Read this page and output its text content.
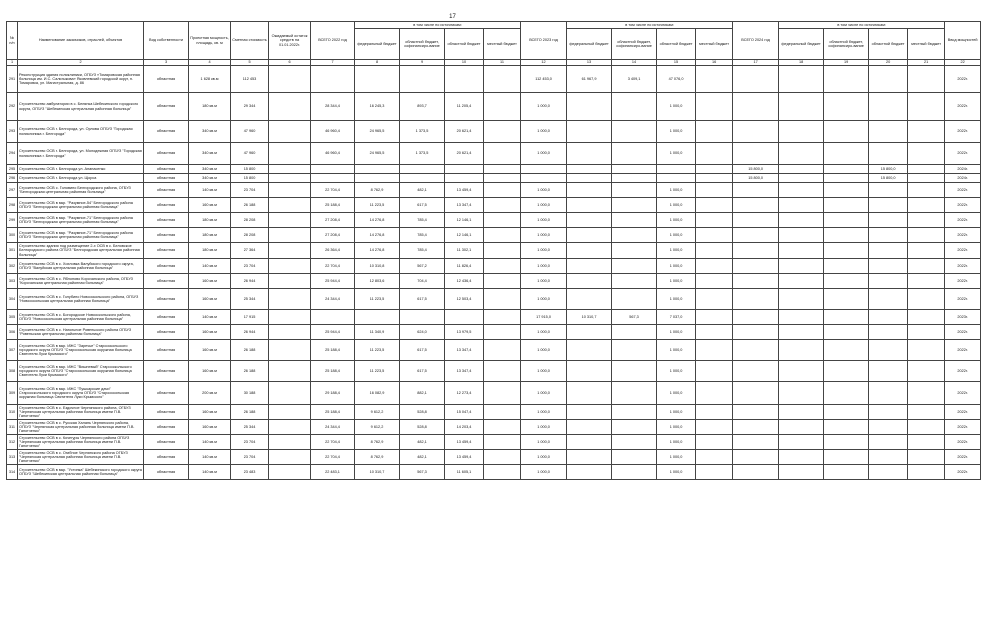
17
№ п/п	Наименование заказчиков, отраслей, объектов	Вид собственности	Проектная мощность, площадь, кв. м	Сметная стоимость	Ожидаемый остаток средств на 01.01.2022г.	ВСЕГО 2022 год	в том числе по источникам:				ВСЕГО 2023 год	в том числе по источникам:				ВСЕГО 2024 год	в том числе по источникам:				Ввод мощностей
							федеральный бюджет	областной бюджет, софинансиро-вание	областной бюджет	местный бюджет		федеральный бюджет	областной бюджет, софинансиро-вание	областной бюджет	местный бюджет		федеральный бюджет	областной бюджет, софинансиро-вание	областной бюджет	местный бюджет	
1	2	3	4	5	6	7	8	9	10	11	12	13	14	15	16	17	18	19	20	21	22
291	Реконструкция здания поликлиники, ОГБУЗ «Томаровская районная больница им. И.С. Сальтыкова» Яковлевский городской округ, п. Томаровка, ул. Магистральная, д. 86	областная	1 628 кв.м	112 453							112 453,0	61 967,9	3 409,1	47 076,0							2022г.
292	Строительство амбулатории в с. Белянка Шебекинского городского округа, ОГБУЗ "Шебекинская центральная районная больница"	областная	180 кв.м	29 344		28 344,4	16 245,3	893,7	11 205,4		1 000,0			1 000,0							2022г.
293	Строительство ОСВ г. Белгорода, ул. Орлова ОГБУЗ "Городская поликлиника г. Белгорода"	областная	340 кв.м	47 960		46 960,4	24 965,5	1 373,5	20 621,4		1 000,0			1 000,0							2022г.
294	Строительство ОСВ г. Белгорода, ул. Молодежная ОГБУЗ "Городская поликлиника г. Белгорода"	областная	340 кв.м	47 960		46 960,4	24 965,5	1 373,5	20 621,4		1 000,0			1 000,0							2022г.
295	Строительство ОСВ г. Белгорода ул. Апанасенко	областная	340 кв.м	15 800												15 800,0			15 800,0		2024г.
296	Строительство ОСВ г. Белгорода ул. Щорса	областная	340 кв.м	15 800												15 800,0			15 800,0		2024г.
297	Строительство ОСВ с. Головино Белгородского района, ОГБУЗ "Белгородская центральная районная больница"	областная	140 кв.м	23 704		22 704,4	8 762,9	482,1	13 459,4		1 000,0			1 000,0							2022г.
298	Строительство ОСВ в мкр. "Разумное-54" Белгородского района ОГБУЗ "Белгородская центральная районная больница"	областная	160 кв.м	26 188		25 188,4	11 223,5	617,5	13 347,4		1 000,0			1 000,0							2022г.
299	Строительство ОСВ в мкр. "Разумное-71" Белгородского района ОГБУЗ "Белгородская центральная районная больница"	областная	180 кв.м	28 208		27 208,4	14 276,8	785,4	12 146,1		1 000,0			1 000,0							2022г.
300	Строительство ОСВ в мкр. "Разумное-71" Белгородского района ОГБУЗ "Белгородская центральная районная больница"	областная	180 кв.м	28 208		27 208,4	14 276,8	785,4	12 146,1		1 000,0			1 000,0							2022г.
301	Строительство здания под размещение 2-х ОСВ в с. Беловское Белгородского района ОГБУЗ "Белгородская центральная районная больница"	областная	180 кв.м	27 364		26 364,4	14 276,8	785,4	11 302,1		1 000,0			1 000,0							2022г.
302	Строительство ОСВ в с. Хохловка Валуйского городского округа, ОГБУЗ "Валуйская центральная районная больница"	областная	140 кв.м	23 704		22 704,4	10 310,8	567,2	11 826,4		1 000,0			1 000,0							2022г.
303	Строительство ОСВ в с. Яблоново Корочанского района, ОГБУЗ "Корочанская центральная районная больница"	областная	160 кв.м	26 944		25 944,4	12 803,6	704,4	12 436,4		1 000,0			1 000,0							2022г.
304	Строительство ОСВ в с. Голубино Новооскольского района, ОГБУЗ "Новооскольская центральная районная больница"	областная	160 кв.м	25 344		24 344,4	11 223,5	617,5	12 503,4		1 000,0			1 000,0							2022г.
305	Строительство ОСВ в с. Богородское Новооскольского района, ОГБУЗ "Новооскольская центральная районная больница"	областная	140 кв.м	17 915							17 915,0	10 310,7	567,3	7 037,0							2023г.
306	Строительство ОСВ в с. Нагольное Ровеньского района ОГБУЗ "Ровеньская центральная районная больница"	областная	160 кв.м	26 944		25 944,4	11 340,9	624,0	13 979,5		1 000,0			1 000,0							2022г.
307	Строительство ОСВ в мкр. ИЖС "Заречье" Старооскольского городского округа ОГБУЗ "Старооскольская окружная больница Святителя Луки Крымского"	областная	160 кв.м	26 188		25 188,4	11 223,5	617,5	13 347,4		1 000,0			1 000,0							2022г.
308	Строительство ОСВ в мкр. ИЖС "Вишневый" Старооскольского городского округа ОГБУЗ "Старооскольская окружная больница Святителя Луки Крымского"	областная	160 кв.м	26 188		25 188,4	11 223,5	617,5	13 347,4		1 000,0			1 000,0							2022г.
309	Строительство ОСВ в мкр. ИЖС "Пушкарские дачи" Старооскольского городского округа ОГБУЗ "Старооскольская окружная больница Святителя Луки Крымского"	областная	200 кв.м	30 188		29 188,4	16 082,9	882,1	12 273,4		1 000,0			1 000,0							2022г.
310	Строительство ОСВ в с. Ездочное Чернянского района, ОГБУЗ "Чернянская центральная районная больница имени П.В. Гапотченко"	областная	160 кв.м	26 188		25 188,4	9 612,2	528,8	15 047,4		1 000,0			1 000,0							2022г.
311	Строительство ОСВ в с. Русская Халань Чернянского района, ОГБУЗ "Чернянская центральная районная больница имени П.В. Гапотченко"	областная	160 кв.м	25 344		24 344,4	9 612,2	528,8	14 203,4		1 000,0			1 000,0							2022г.
312	Строительство ОСВ в с. Кочегуры Чернянского района ОГБУЗ "Чернянская центральная районная больница имени П.В. Гапотченко"	областная	140 кв.м	23 704		22 704,4	8 762,9	482,1	13 459,4		1 000,0			1 000,0							2022г.
313	Строительство ОСВ в с. Огибное Чернянского района ОГБУЗ "Чернянская центральная районная больница имени П.В. Гапотченко"	областная	140 кв.м	23 704		22 704,4	8 762,9	482,1	13 459,4		1 000,0			1 000,0							2022г.
314	Строительство ОСВ в мкр. "Устинка" Шебекинского городского округа ОГБУЗ "Шебекинская центральная районная больница"	областная	140 кв.м	23 483		22 483,1	10 310,7	567,3	11 605,1		1 000,0			1 000,0							2022г.
